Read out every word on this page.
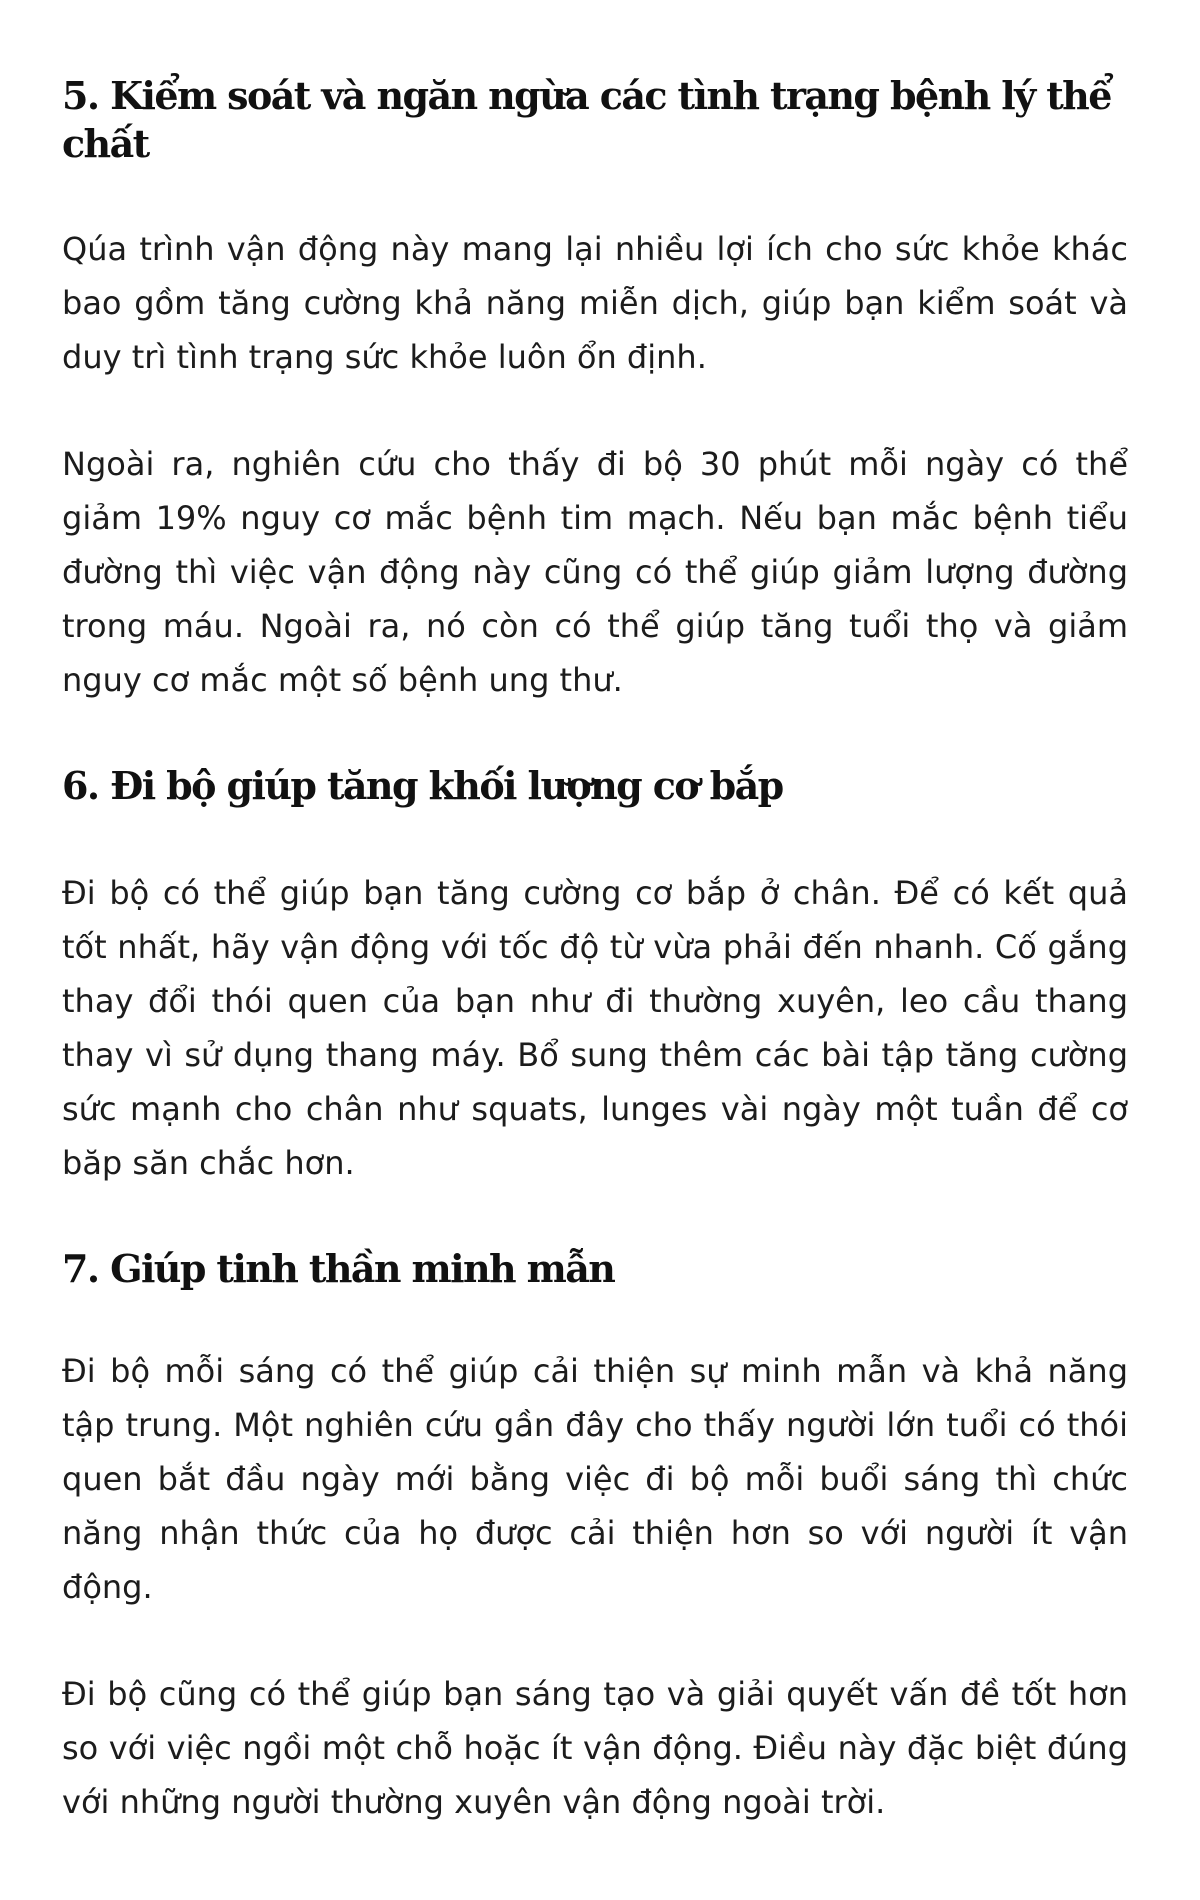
5. Kiểm soát và ngăn ngừa các tình trạng bệnh lý thể chất

Qúa trình vận động này mang lại nhiều lợi ích cho sức khỏe khác bao gồm tăng cường khả năng miễn dịch, giúp bạn kiểm soát và duy trì tình trạng sức khỏe luôn ổn định.

Ngoài ra, nghiên cứu cho thấy đi bộ 30 phút mỗi ngày có thể giảm 19% nguy cơ mắc bệnh tim mạch. Nếu bạn mắc bệnh tiểu đường thì việc vận động này cũng có thể giúp giảm lượng đường trong máu. Ngoài ra, nó còn có thể giúp tăng tuổi thọ và giảm nguy cơ mắc một số bệnh ung thư.

6. Đi bộ giúp tăng khối lượng cơ bắp

Đi bộ có thể giúp bạn tăng cường cơ bắp ở chân. Để có kết quả tốt nhất, hãy vận động với tốc độ từ vừa phải đến nhanh. Cố gắng thay đổi thói quen của bạn như đi thường xuyên, leo cầu thang thay vì sử dụng thang máy. Bổ sung thêm các bài tập tăng cường sức mạnh cho chân như squats, lunges vài ngày một tuần để cơ băp săn chắc hơn.

7. Giúp tinh thần minh mẫn

Đi bộ mỗi sáng có thể giúp cải thiện sự minh mẫn và khả năng tập trung. Một nghiên cứu gần đây cho thấy người lớn tuổi có thói quen bắt đầu ngày mới bằng việc đi bộ mỗi buổi sáng thì chức năng nhận thức của họ được cải thiện hơn so với người ít vận động.

Đi bộ cũng có thể giúp bạn sáng tạo và giải quyết vấn đề tốt hơn so với việc ngồi một chỗ hoặc ít vận động. Điều này đặc biệt đúng với những người thường xuyên vận động ngoài trời.
